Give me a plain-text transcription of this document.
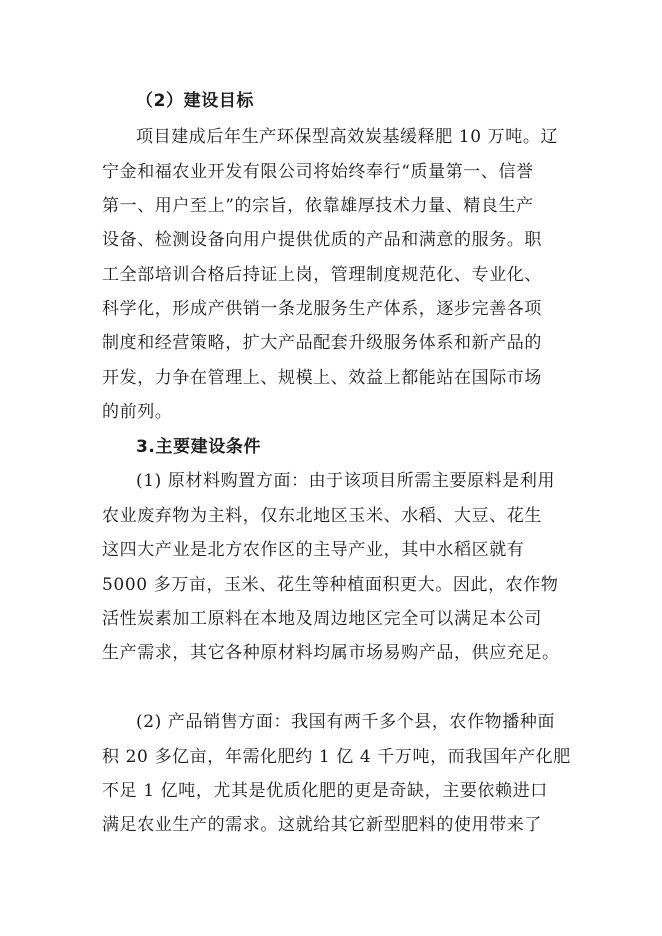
（2）建设目标
项目建成后年生产环保型高效炭基缓释肥 10 万吨。辽
宁金和福农业开发有限公司将始终奉行“质量第一、信誉
第一、用户至上”的宗旨，依靠雄厚技术力量、精良生产
设备、检测设备向用户提供优质的产品和满意的服务。职
工全部培训合格后持证上岗，管理制度规范化、专业化、
科学化，形成产供销一条龙服务生产体系，逐步完善各项
制度和经营策略，扩大产品配套升级服务体系和新产品的
开发，力争在管理上、规模上、效益上都能站在国际市场
的前列。
3.主要建设条件
(1) 原材料购置方面：由于该项目所需主要原料是利用
农业废弃物为主料，仅东北地区玉米、水稻、大豆、花生
这四大产业是北方农作区的主导产业，其中水稻区就有
5000 多万亩，玉米、花生等种植面积更大。因此，农作物
活性炭素加工原料在本地及周边地区完全可以满足本公司
生产需求，其它各种原材料均属市场易购产品，供应充足。
(2) 产品销售方面：我国有两千多个县，农作物播种面
积 20 多亿亩，年需化肥约 1 亿 4 千万吨，而我国年产化肥
不足 1 亿吨，尤其是优质化肥的更是奇缺，主要依赖进口
满足农业生产的需求。这就给其它新型肥料的使用带来了
